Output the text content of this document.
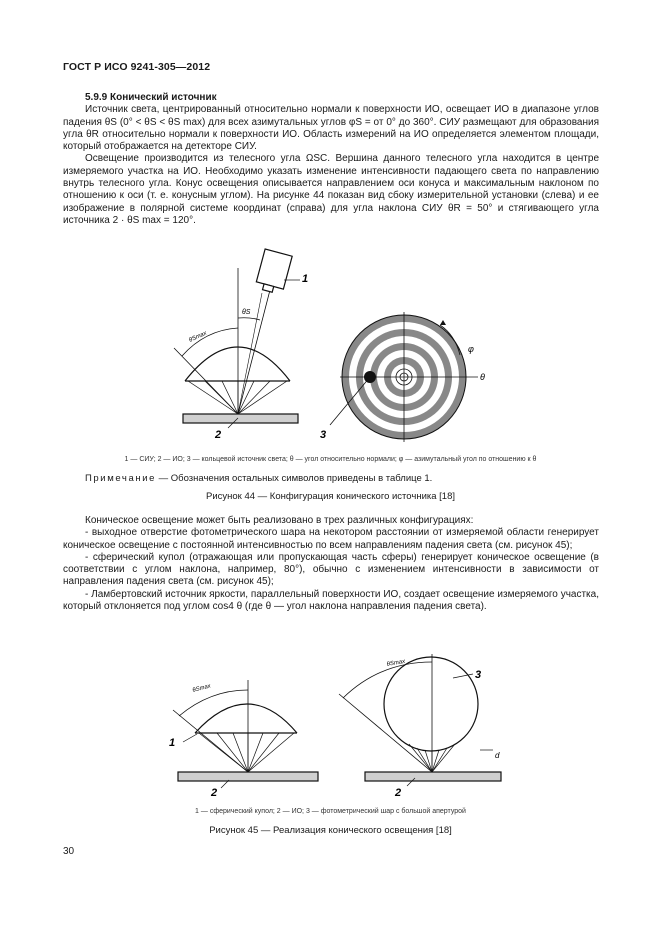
ГОСТ Р ИСО 9241-305—2012

5.9.9 Конический источник

Источник света, центрированный относительно нормали к поверхности ИО, освещает ИО в диапазоне углов падения θS (0° < θS < θS max) для всех азимутальных углов φS = от 0° до 360°. СИУ размещают для образования угла θR относительно нормали к поверхности ИО. Область измерений на ИО определяется элементом площади, который отображается на детекторе СИУ.

Освещение производится из телесного угла ΩSC. Вершина данного телесного угла находится в центре измеряемого участка на ИО. Необходимо указать изменение интенсивности падающего света по направлению внутрь телесного угла. Конус освещения описывается направлением оси конуса и максимальным наклоном по отношению к оси (т. е. конусным углом). На рисунке 44 показан вид сбоку измерительной установки (слева) и ее изображение в полярной системе координат (справа) для угла наклона СИУ θR = 50° и стягивающего угла источника 2 · θS max = 120°.

1
2
θS
θSmax
3
φ
θ
1 — СИУ; 2 — ИО; 3 — кольцевой источник света; θ — угол относительно нормали; φ — азимутальный угол по отношению к θ
Примечание — Обозначения остальных символов приведены в таблице 1.
Рисунок 44 — Конфигурация конического источника [18]

Коническое освещение может быть реализовано в трех различных конфигурациях:

- выходное отверстие фотометрического шара на некотором расстоянии от измеряемой области генерирует коническое освещение с постоянной интенсивностью по всем направлениям падения света (см. рисунок 45);

- сферический купол (отражающая или пропускающая часть сферы) генерирует коническое освещение (в соответствии с углом наклона, например, 80°), обычно с изменением интенсивности в зависимости от направления падения света (см. рисунок 45);

- Ламбертовский источник яркости, параллельный поверхности ИО, создает освещение измеряемого участка, который отклоняется под углом cos4 θ (где θ — угол наклона направления падения света).

1
2
θSmax
3
2
d
θSmax
1 — сферический купол; 2 — ИО; 3 — фотометрический шар с большой апертурой
Рисунок 45 — Реализация конического освещения [18]
30
